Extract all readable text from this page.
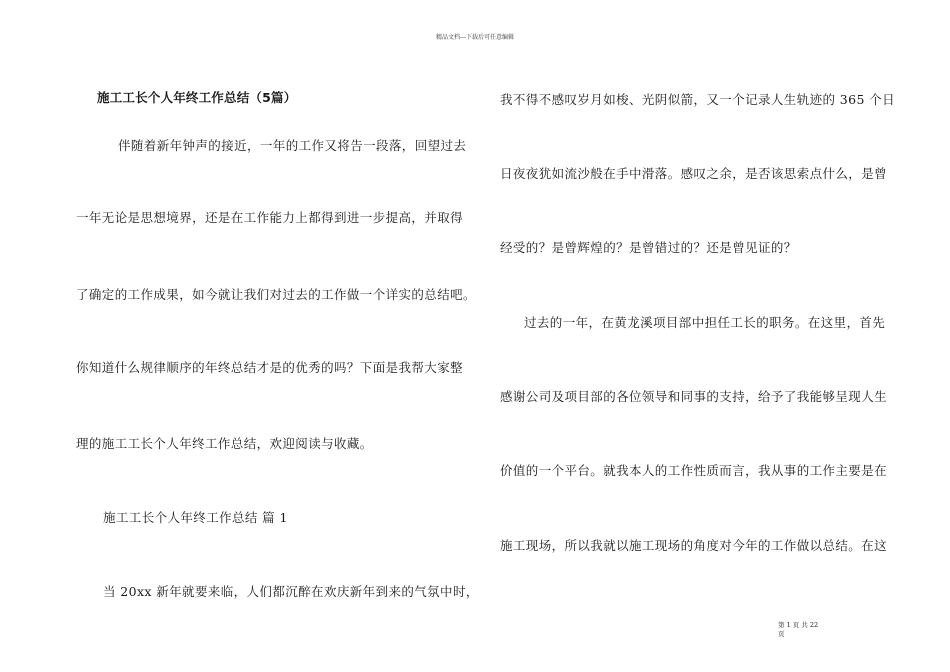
精品文档---下载后可任意编辑
施工工长个人年终工作总结（5篇）
伴随着新年钟声的接近，一年的工作又将告一段落，回望过去
一年无论是思想境界，还是在工作能力上都得到进一步提高，并取得
了确定的工作成果，如今就让我们对过去的工作做一个详实的总结吧。
你知道什么规律顺序的年终总结才是的优秀的吗？下面是我帮大家整
理的施工工长个人年终工作总结，欢迎阅读与收藏。
施工工长个人年终工作总结 篇 1
当 20xx 新年就要来临，人们都沉醉在欢庆新年到来的气氛中时，
我不得不感叹岁月如梭、光阴似箭，又一个记录人生轨迹的 365 个日
日夜夜犹如流沙般在手中滑落。感叹之余，是否该思索点什么，是曾
经受的？是曾辉煌的？是曾错过的？还是曾见证的？
过去的一年，在黄龙溪项目部中担任工长的职务。在这里，首先
感谢公司及项目部的各位领导和同事的支持，给予了我能够呈现人生
价值的一个平台。就我本人的工作性质而言，我从事的工作主要是在
施工现场，所以我就以施工现场的角度对今年的工作做以总结。在这
第 1 页 共 22
页
